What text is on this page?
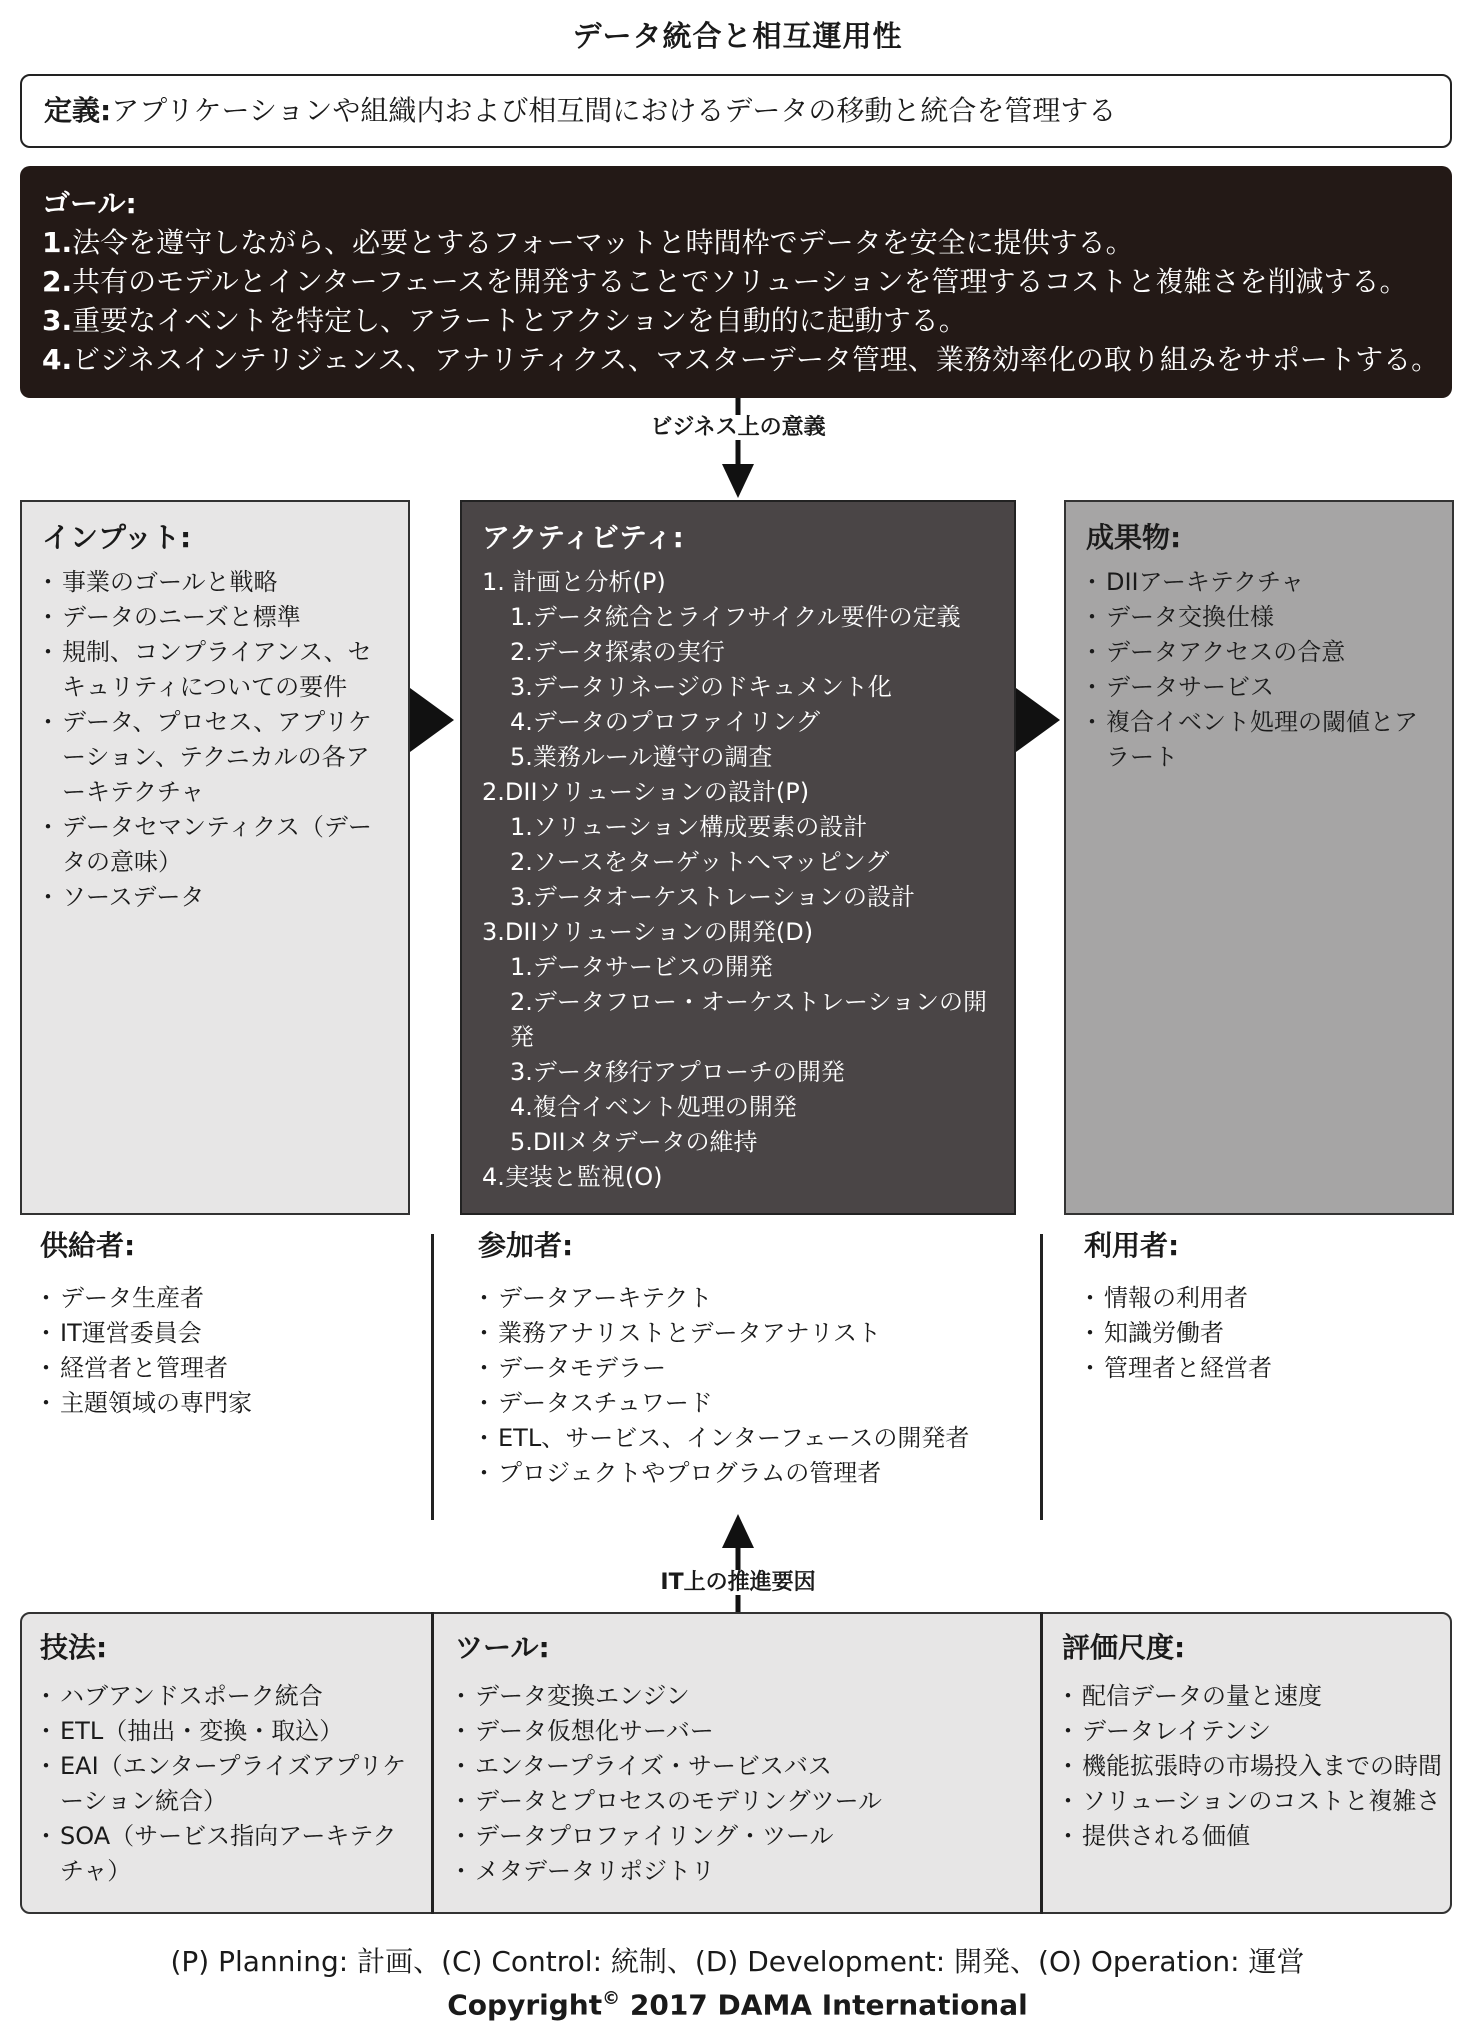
データ統合と相互運用性
定義:アプリケーションや組織内および相互間におけるデータの移動と統合を管理する
ゴール:
1.法令を遵守しながら、必要とするフォーマットと時間枠でデータを安全に提供する。
2.共有のモデルとインターフェースを開発することでソリューションを管理するコストと複雑さを削減する。
3.重要なイベントを特定し、アラートとアクションを自動的に起動する。
4.ビジネスインテリジェンス、アナリティクス、マスターデータ管理、業務効率化の取り組みをサポートする。
ビジネス上の意義
インプット:
・ 事業のゴールと戦略
・ データのニーズと標準
・ 規制、コンプライアンス、セキュリティについての要件
・ データ、プロセス、アプリケーション、テクニカルの各アーキテクチャ
・ データセマンティクス（データの意味）
・ ソースデータ
アクティビティ:
1. 計画と分析(P)
1.データ統合とライフサイクル要件の定義
2.データ探索の実行
3.データリネージのドキュメント化
4.データのプロファイリング
5.業務ルール遵守の調査
2.DIIソリューションの設計(P)
1.ソリューション構成要素の設計
2.ソースをターゲットへマッピング
3.データオーケストレーションの設計
3.DIIソリューションの開発(D)
1.データサービスの開発
2.データフロー・オーケストレーションの開発
3.データ移行アプローチの開発
4.複合イベント処理の開発
5.DIIメタデータの維持
4.実装と監視(O)
成果物:
・ DIIアーキテクチャ
・ データ交換仕様
・ データアクセスの合意
・ データサービス
・ 複合イベント処理の閾値とアラート
供給者:
・ データ生産者
・ IT運営委員会
・ 経営者と管理者
・ 主題領域の専門家
参加者:
・ データアーキテクト
・ 業務アナリストとデータアナリスト
・ データモデラー
・ データスチュワード
・ ETL、サービス、インターフェースの開発者
・ プロジェクトやプログラムの管理者
利用者:
・ 情報の利用者
・ 知識労働者
・ 管理者と経営者
IT上の推進要因
技法:
・ ハブアンドスポーク統合
・ ETL（抽出・変換・取込）
・ EAI（エンタープライズアプリケーション統合）
・ SOA（サービス指向アーキテクチャ）
ツール:
・ データ変換エンジン
・ データ仮想化サーバー
・ エンタープライズ・サービスバス
・ データとプロセスのモデリングツール
・ データプロファイリング・ツール
・ メタデータリポジトリ
評価尺度:
・ 配信データの量と速度
・ データレイテンシ
・ 機能拡張時の市場投入までの時間
・ ソリューションのコストと複雑さ
・ 提供される価値
(P) Planning: 計画、(C) Control: 統制、(D) Development: 開発、(O) Operation: 運営
Copyright© 2017 DAMA International
